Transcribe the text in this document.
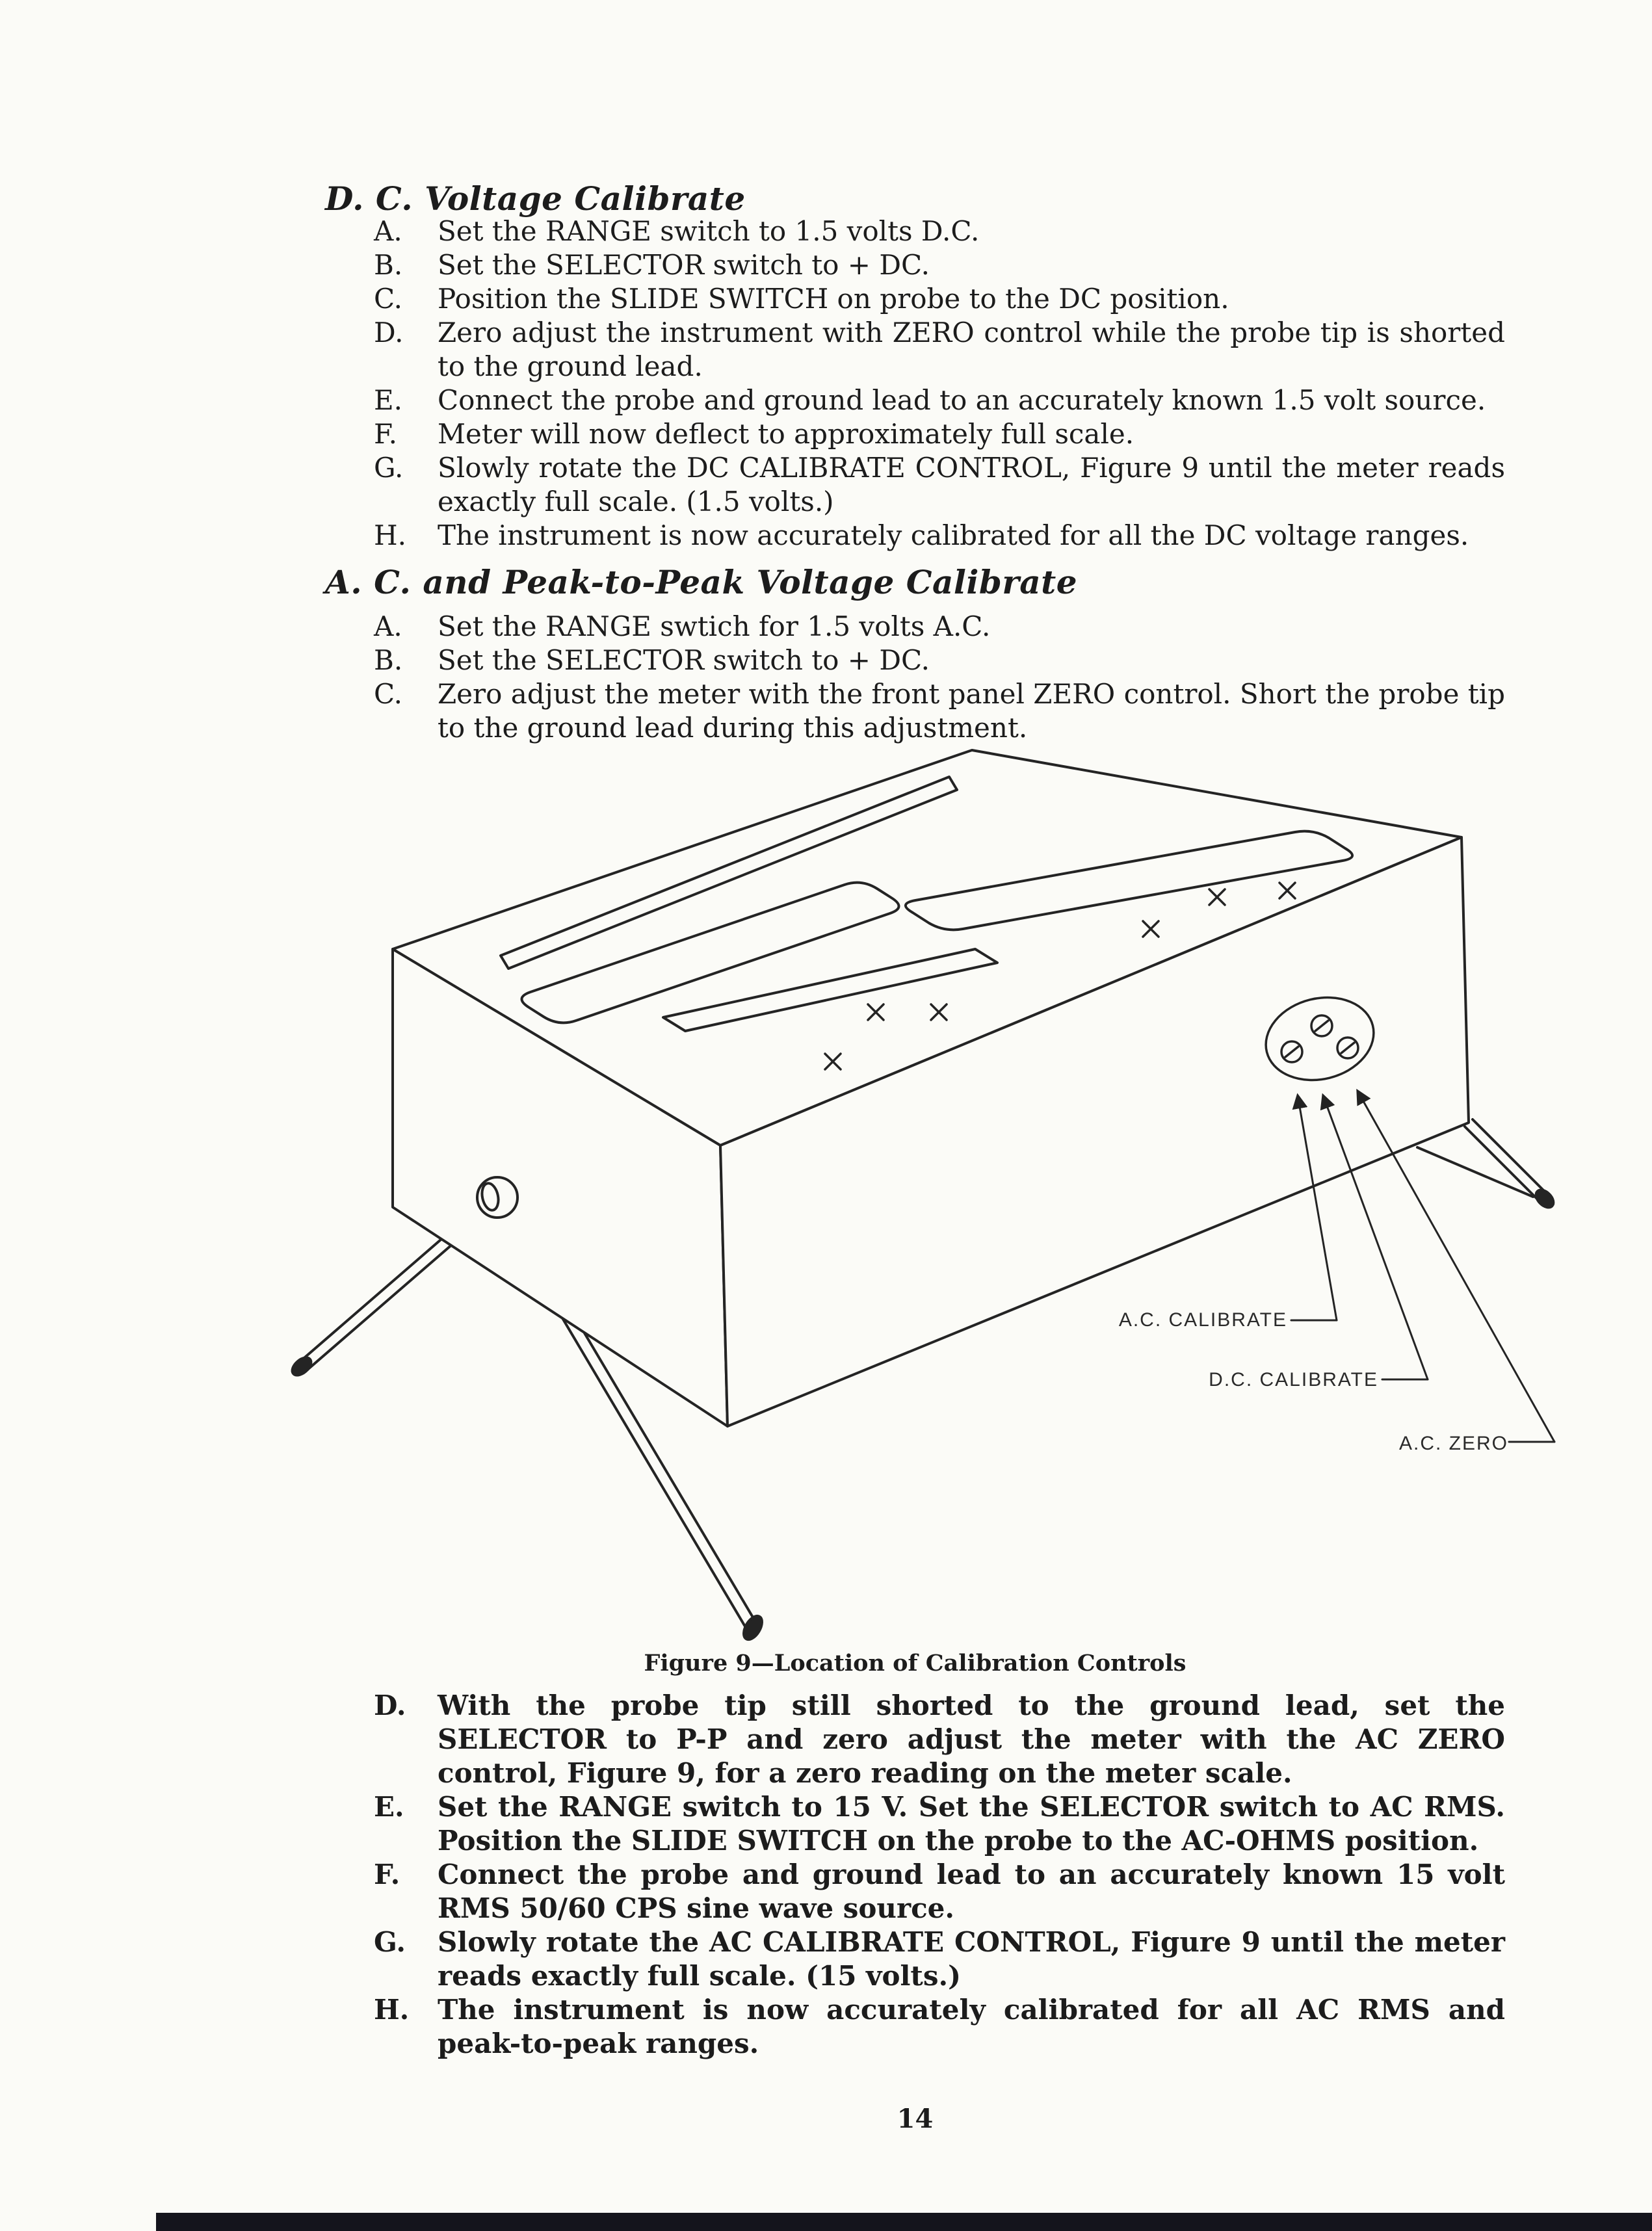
D. C. Voltage Calibrate
A.	Set the RANGE switch to 1.5 volts D.C.
B.	Set the SELECTOR switch to + DC.
C.	Position the SLIDE SWITCH on probe to the DC position.
D.	Zero adjust the instrument with ZERO control while the probe tip is shorted to the ground lead.
E.	Connect the probe and ground lead to an accurately known 1.5 volt source.
F.	Meter will now deflect to approximately full scale.
G.	Slowly rotate the DC CALIBRATE CONTROL, Figure 9 until the meter reads exactly full scale. (1.5 volts.)
H.	The instrument is now accurately calibrated for all the DC voltage ranges.
A. C. and Peak-to-Peak Voltage Calibrate
A.	Set the RANGE swtich for 1.5 volts A.C.
B.	Set the SELECTOR switch to + DC.
C.	Zero adjust the meter with the front panel ZERO control. Short the probe tip to the ground lead during this adjustment.
A.C. CALIBRATE
D.C. CALIBRATE
A.C. ZERO
Figure 9—Location of Calibration Controls
D.	With the probe tip still shorted to the ground lead, set the SELECTOR to P-P and zero adjust the meter with the AC ZERO control, Figure 9, for a zero reading on the meter scale.
E.	Set the RANGE switch to 15 V. Set the SELECTOR switch to AC RMS. Position the SLIDE SWITCH on the probe to the AC-OHMS position.
F.	Connect the probe and ground lead to an accurately known 15 volt RMS 50/60 CPS sine wave source.
G.	Slowly rotate the AC CALIBRATE CONTROL, Figure 9 until the meter reads exactly full scale. (15 volts.)
H.	The instrument is now accurately calibrated for all AC RMS and peak-to-peak ranges.
14
